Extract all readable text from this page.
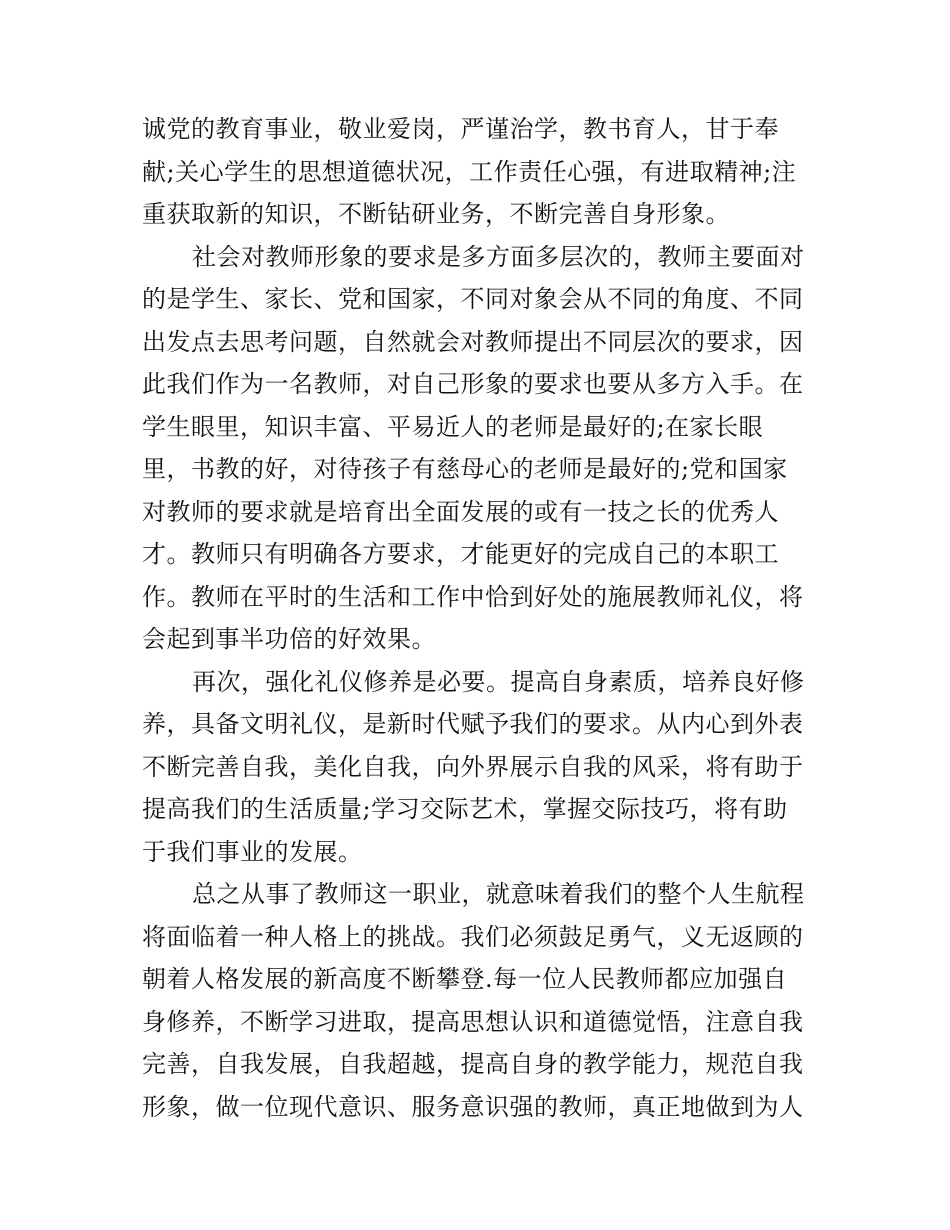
诚党的教育事业，敬业爱岗，严谨治学，教书育人，甘于奉
献;关心学生的思想道德状况，工作责任心强，有进取精神;注
重获取新的知识，不断钻研业务，不断完善自身形象。
社会对教师形象的要求是多方面多层次的，教师主要面对
的是学生、家长、党和国家，不同对象会从不同的角度、不同
出发点去思考问题，自然就会对教师提出不同层次的要求，因
此我们作为一名教师，对自己形象的要求也要从多方入手。在
学生眼里，知识丰富、平易近人的老师是最好的;在家长眼
里，书教的好，对待孩子有慈母心的老师是最好的;党和国家
对教师的要求就是培育出全面发展的或有一技之长的优秀人
才。教师只有明确各方要求，才能更好的完成自己的本职工
作。教师在平时的生活和工作中恰到好处的施展教师礼仪，将
会起到事半功倍的好效果。
再次，强化礼仪修养是必要。提高自身素质，培养良好修
养，具备文明礼仪，是新时代赋予我们的要求。从内心到外表
不断完善自我，美化自我，向外界展示自我的风采，将有助于
提高我们的生活质量;学习交际艺术，掌握交际技巧，将有助
于我们事业的发展。
总之从事了教师这一职业，就意味着我们的整个人生航程
将面临着一种人格上的挑战。我们必须鼓足勇气，义无返顾的
朝着人格发展的新高度不断攀登.每一位人民教师都应加强自
身修养，不断学习进取，提高思想认识和道德觉悟，注意自我
完善，自我发展，自我超越，提高自身的教学能力，规范自我
形象，做一位现代意识、服务意识强的教师，真正地做到为人
